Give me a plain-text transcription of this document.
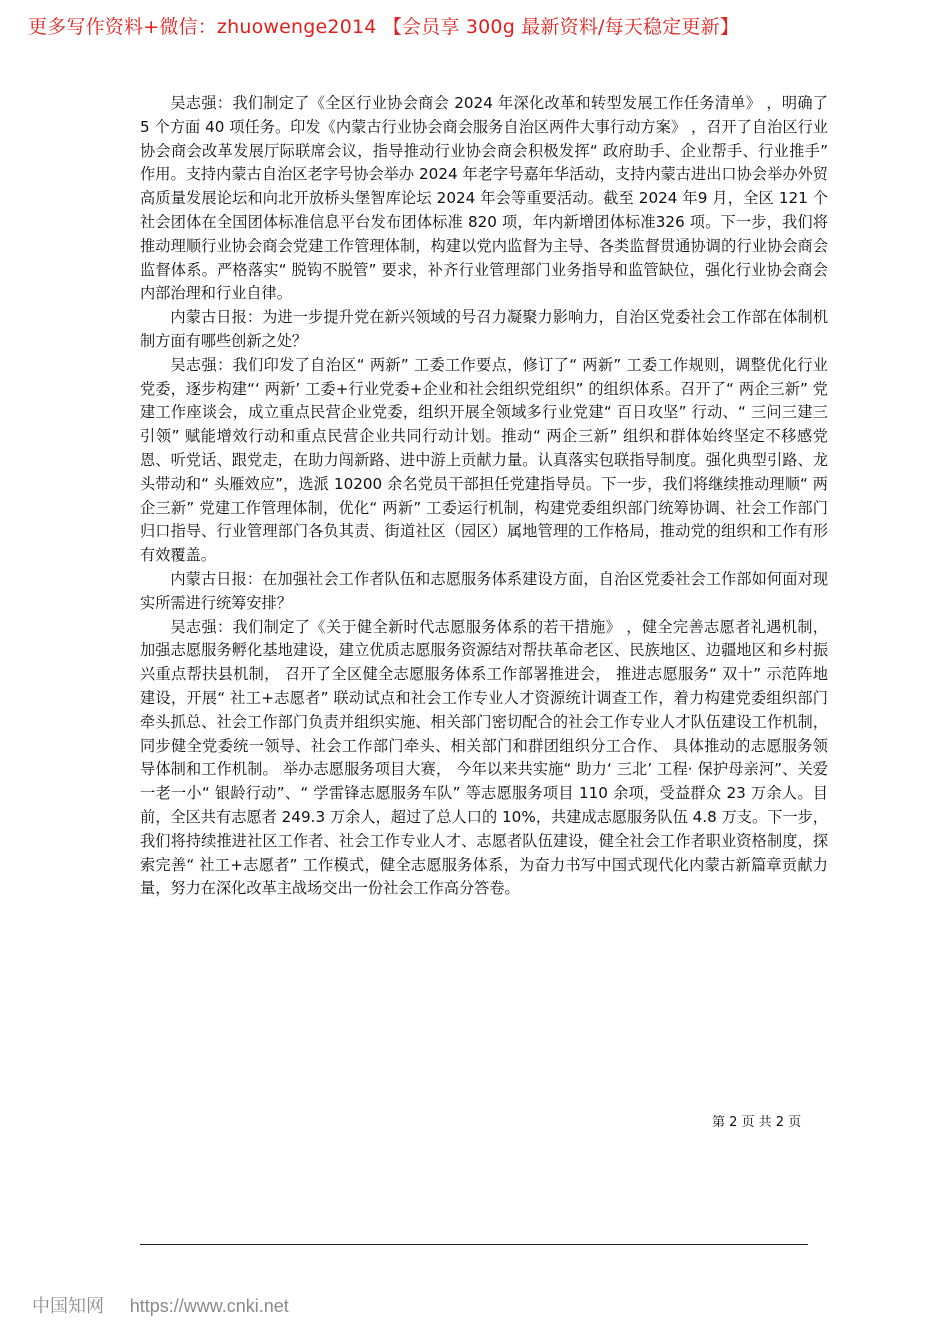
更多写作资料+微信：zhuowenge2014 【会员享 300g 最新资料/每天稳定更新】

吴志强：我们制定了《全区行业协会商会 2024 年深化改革和转型发展工作任务清单》 ，明确了 5 个方面 40 项任务。印发《内蒙古行业协会商会服务自治区两件大事行动方案》 ，召开了自治区行业协会商会改革发展厅际联席会议，指导推动行业协会商会积极发挥“ 政府助手、企业帮手、行业推手” 作用。支持内蒙古自治区老字号协会举办 2024 年老字号嘉年华活动，支持内蒙古进出口协会举办外贸高质量发展论坛和向北开放桥头堡智库论坛 2024 年会等重要活动。截至 2024 年9 月，全区 121 个社会团体在全国团体标准信息平台发布团体标准 820 项，年内新增团体标准326 项。下一步，我们将推动理顺行业协会商会党建工作管理体制，构建以党内监督为主导、各类监督贯通协调的行业协会商会监督体系。严格落实“ 脱钩不脱管” 要求，补齐行业管理部门业务指导和监管缺位，强化行业协会商会内部治理和行业自律。

内蒙古日报：为进一步提升党在新兴领域的号召力凝聚力影响力，自治区党委社会工作部在体制机制方面有哪些创新之处？

吴志强：我们印发了自治区“ 两新” 工委工作要点，修订了“ 两新” 工委工作规则，调整优化行业党委，逐步构建“‘ 两新’ 工委+行业党委+企业和社会组织党组织” 的组织体系。召开了“ 两企三新” 党建工作座谈会，成立重点民营企业党委，组织开展全领域多行业党建“ 百日攻坚” 行动、“ 三问三建三引领” 赋能增效行动和重点民营企业共同行动计划。推动“ 两企三新” 组织和群体始终坚定不移感党恩、听党话、跟党走，在助力闯新路、进中游上贡献力量。认真落实包联指导制度。强化典型引路、龙头带动和“ 头雁效应”，选派 10200 余名党员干部担任党建指导员。下一步，我们将继续推动理顺“ 两企三新” 党建工作管理体制，优化“ 两新” 工委运行机制，构建党委组织部门统筹协调、社会工作部门归口指导、行业管理部门各负其责、街道社区（园区）属地管理的工作格局，推动党的组织和工作有形有效覆盖。

内蒙古日报：在加强社会工作者队伍和志愿服务体系建设方面，自治区党委社会工作部如何面对现实所需进行统筹安排？

吴志强：我们制定了《关于健全新时代志愿服务体系的若干措施》 ，健全完善志愿者礼遇机制，加强志愿服务孵化基地建设，建立优质志愿服务资源结对帮扶革命老区、民族地区、边疆地区和乡村振兴重点帮扶县机制， 召开了全区健全志愿服务体系工作部署推进会， 推进志愿服务“ 双十” 示范阵地建设，开展“ 社工+志愿者” 联动试点和社会工作专业人才资源统计调查工作，着力构建党委组织部门牵头抓总、社会工作部门负责并组织实施、相关部门密切配合的社会工作专业人才队伍建设工作机制，同步健全党委统一领导、社会工作部门牵头、相关部门和群团组织分工合作、 具体推动的志愿服务领导体制和工作机制。 举办志愿服务项目大赛， 今年以来共实施“ 助力‘ 三北’ 工程· 保护母亲河”、关爱一老一小“ 银龄行动”、“ 学雷锋志愿服务车队” 等志愿服务项目 110 余项，受益群众 23 万余人。目前，全区共有志愿者 249.3 万余人，超过了总人口的 10%，共建成志愿服务队伍 4.8 万支。下一步，我们将持续推进社区工作者、社会工作专业人才、志愿者队伍建设，健全社会工作者职业资格制度，探索完善“ 社工+志愿者” 工作模式，健全志愿服务体系，为奋力书写中国式现代化内蒙古新篇章贡献力量，努力在深化改革主战场交出一份社会工作高分答卷。

第 2 页 共 2 页
中国知网 https://www.cnki.net
